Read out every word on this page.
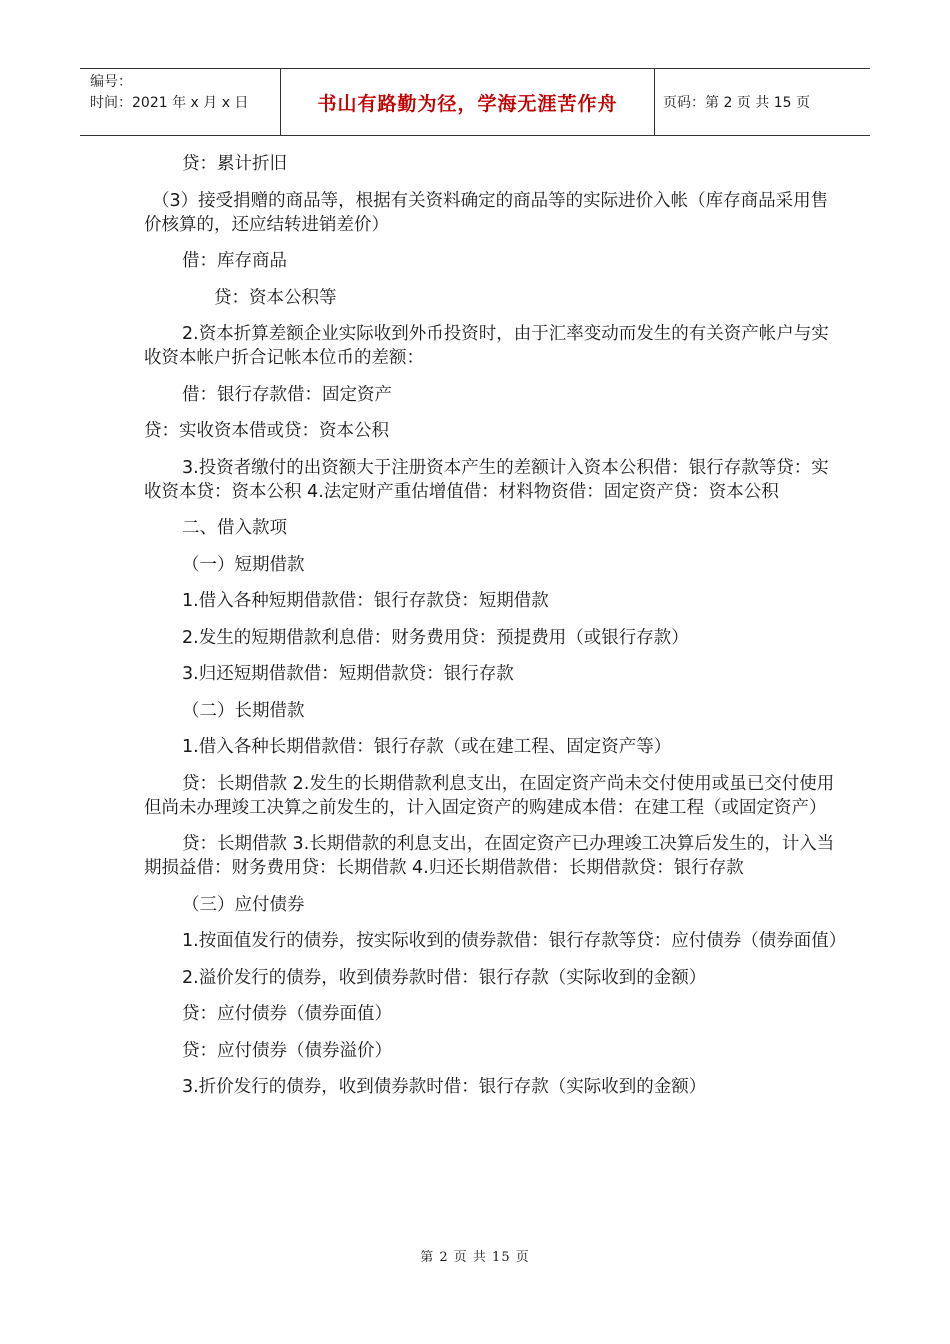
编号：
时间：2021 年 x 月 x 日	书山有路勤为径，学海无涯苦作舟	页码：第 2 页 共 15 页

贷：累计折旧

（3）接受捐赠的商品等，根据有关资料确定的商品等的实际进价入帐（库存商品采用售价核算的，还应结转进销差价）

借：库存商品

贷：资本公积等

2.资本折算差额企业实际收到外币投资时，由于汇率变动而发生的有关资产帐户与实收资本帐户折合记帐本位币的差额：

借：银行存款借：固定资产

贷：实收资本借或贷：资本公积

3.投资者缴付的出资额大于注册资本产生的差额计入资本公积借：银行存款等贷：实收资本贷：资本公积 4.法定财产重估增值借：材料物资借：固定资产贷：资本公积

二、借入款项

（一）短期借款

1.借入各种短期借款借：银行存款贷：短期借款

2.发生的短期借款利息借：财务费用贷：预提费用（或银行存款）

3.归还短期借款借：短期借款贷：银行存款

（二）长期借款

1.借入各种长期借款借：银行存款（或在建工程、固定资产等）

贷：长期借款 2.发生的长期借款利息支出，在固定资产尚未交付使用或虽已交付使用但尚未办理竣工决算之前发生的，计入固定资产的购建成本借：在建工程（或固定资产）

贷：长期借款 3.长期借款的利息支出，在固定资产已办理竣工决算后发生的，计入当期损益借：财务费用贷：长期借款 4.归还长期借款借：长期借款贷：银行存款

（三）应付债券

1.按面值发行的债券，按实际收到的债券款借：银行存款等贷：应付债券（债券面值）

2.溢价发行的债券，收到债券款时借：银行存款（实际收到的金额）

贷：应付债券（债券面值）

贷：应付债券（债券溢价）

3.折价发行的债券，收到债券款时借：银行存款（实际收到的金额）

第 2 页 共 15 页
